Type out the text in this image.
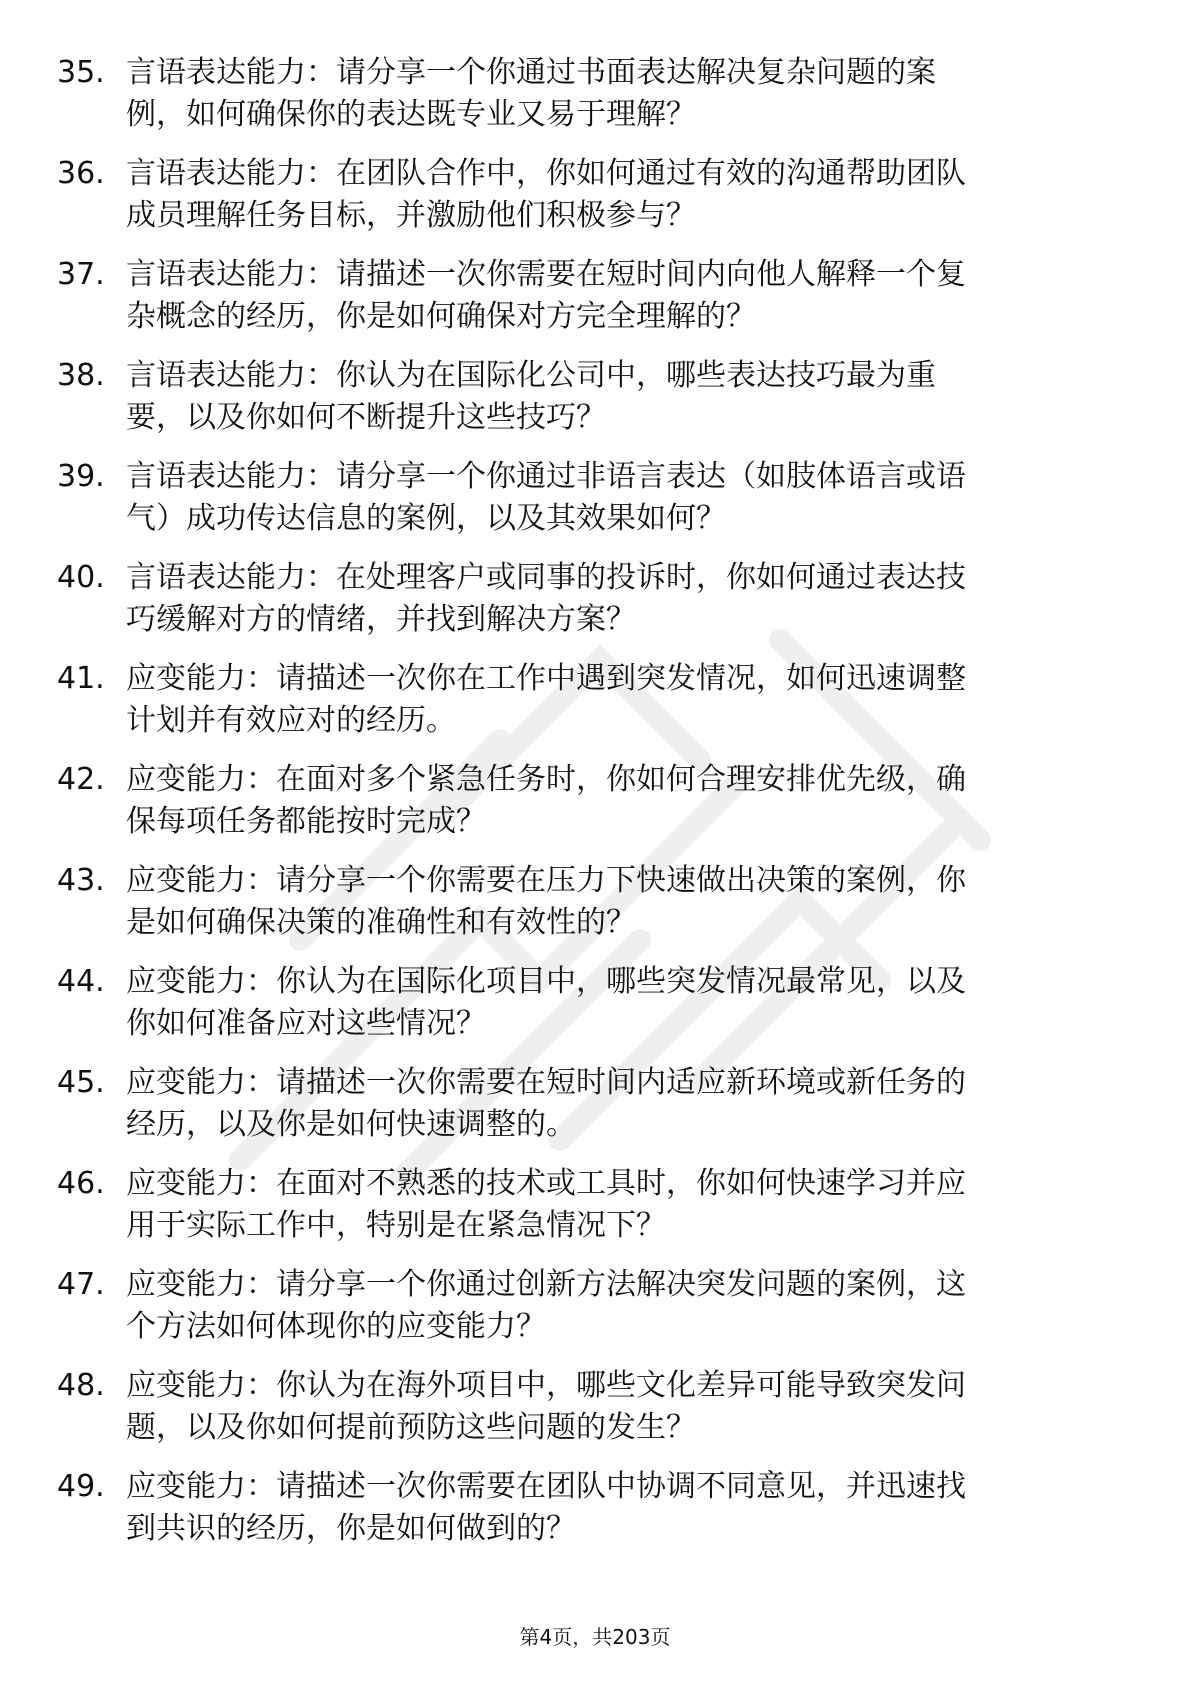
35. 言语表达能力：请分享一个你通过书面表达解决复杂问题的案
例，如何确保你的表达既专业又易于理解？
36. 言语表达能力：在团队合作中，你如何通过有效的沟通帮助团队
成员理解任务目标，并激励他们积极参与？
37. 言语表达能力：请描述一次你需要在短时间内向他人解释一个复
杂概念的经历，你是如何确保对方完全理解的？
38. 言语表达能力：你认为在国际化公司中，哪些表达技巧最为重
要，以及你如何不断提升这些技巧？
39. 言语表达能力：请分享一个你通过非语言表达（如肢体语言或语
气）成功传达信息的案例，以及其效果如何？
40. 言语表达能力：在处理客户或同事的投诉时，你如何通过表达技
巧缓解对方的情绪，并找到解决方案？
41. 应变能力：请描述一次你在工作中遇到突发情况，如何迅速调整
计划并有效应对的经历。
42. 应变能力：在面对多个紧急任务时，你如何合理安排优先级，确
保每项任务都能按时完成？
43. 应变能力：请分享一个你需要在压力下快速做出决策的案例，你
是如何确保决策的准确性和有效性的？
44. 应变能力：你认为在国际化项目中，哪些突发情况最常见，以及
你如何准备应对这些情况？
45. 应变能力：请描述一次你需要在短时间内适应新环境或新任务的
经历，以及你是如何快速调整的。
46. 应变能力：在面对不熟悉的技术或工具时，你如何快速学习并应
用于实际工作中，特别是在紧急情况下？
47. 应变能力：请分享一个你通过创新方法解决突发问题的案例，这
个方法如何体现你的应变能力？
48. 应变能力：你认为在海外项目中，哪些文化差异可能导致突发问
题，以及你如何提前预防这些问题的发生？
49. 应变能力：请描述一次你需要在团队中协调不同意见，并迅速找
到共识的经历，你是如何做到的？
第4页，共203页
